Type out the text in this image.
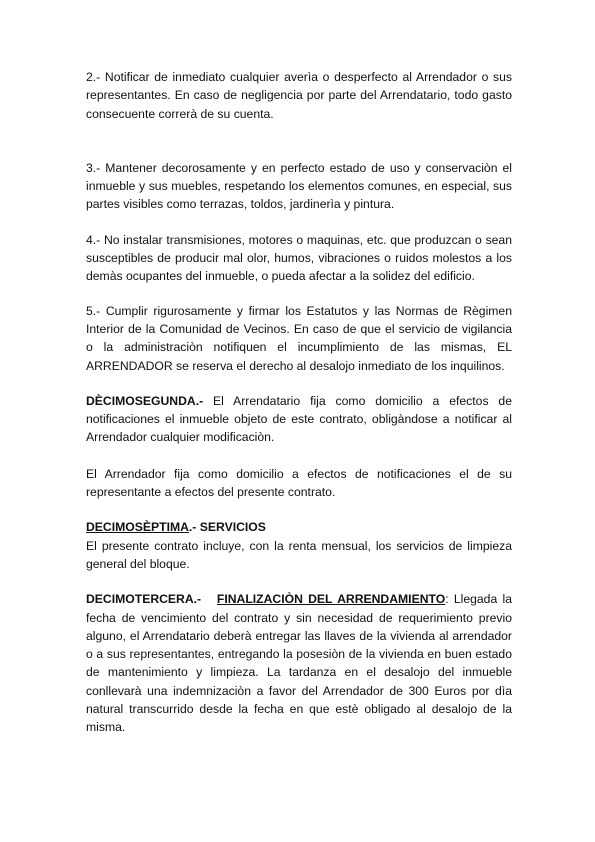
2.- Notificar de inmediato cualquier averìa o desperfecto al Arrendador o sus representantes. En caso de negligencia por parte del Arrendatario, todo gasto consecuente correrà de su cuenta.

3.- Mantener decorosamente y en perfecto estado de uso y conservaciòn el inmueble y sus muebles, respetando los elementos comunes, en especial, sus partes visibles como terrazas, toldos, jardinerìa y pintura.

4.- No instalar transmisiones, motores o maquinas, etc. que produzcan o sean susceptibles de producir mal olor, humos, vibraciones o ruidos molestos a los demàs ocupantes del inmueble, o pueda afectar a la solidez del edificio.

5.- Cumplir rigurosamente y firmar los Estatutos y las Normas de Règimen Interior de la Comunidad de Vecinos. En caso de que el servicio de vigilancia o la administraciòn notifiquen el incumplimiento de las mismas, EL ARRENDADOR se reserva el derecho al desalojo inmediato de los inquilinos.

DÈCIMOSEGUNDA.- El Arrendatario fija como domicilio a efectos de notificaciones el inmueble objeto de este contrato, obligàndose a notificar al Arrendador cualquier modificaciòn.

El Arrendador fija como domicilio a efectos de notificaciones el de su representante a efectos del presente contrato.

DECIMOSÈPTIMA.- SERVICIOS

El presente contrato incluye, con la renta mensual, los servicios de limpieza general del bloque.

DECIMOTERCERA.- FINALIZACIÒN DEL ARRENDAMIENTO: Llegada la fecha de vencimiento del contrato y sin necesidad de requerimiento previo alguno, el Arrendatario deberà entregar las llaves de la vivienda al arrendador o a sus representantes, entregando la posesiòn de la vivienda en buen estado de mantenimiento y limpieza. La tardanza en el desalojo del inmueble conllevarà una indemnizaciòn a favor del Arrendador de 300 Euros por dìa natural transcurrido desde la fecha en que estè obligado al desalojo de la misma.
